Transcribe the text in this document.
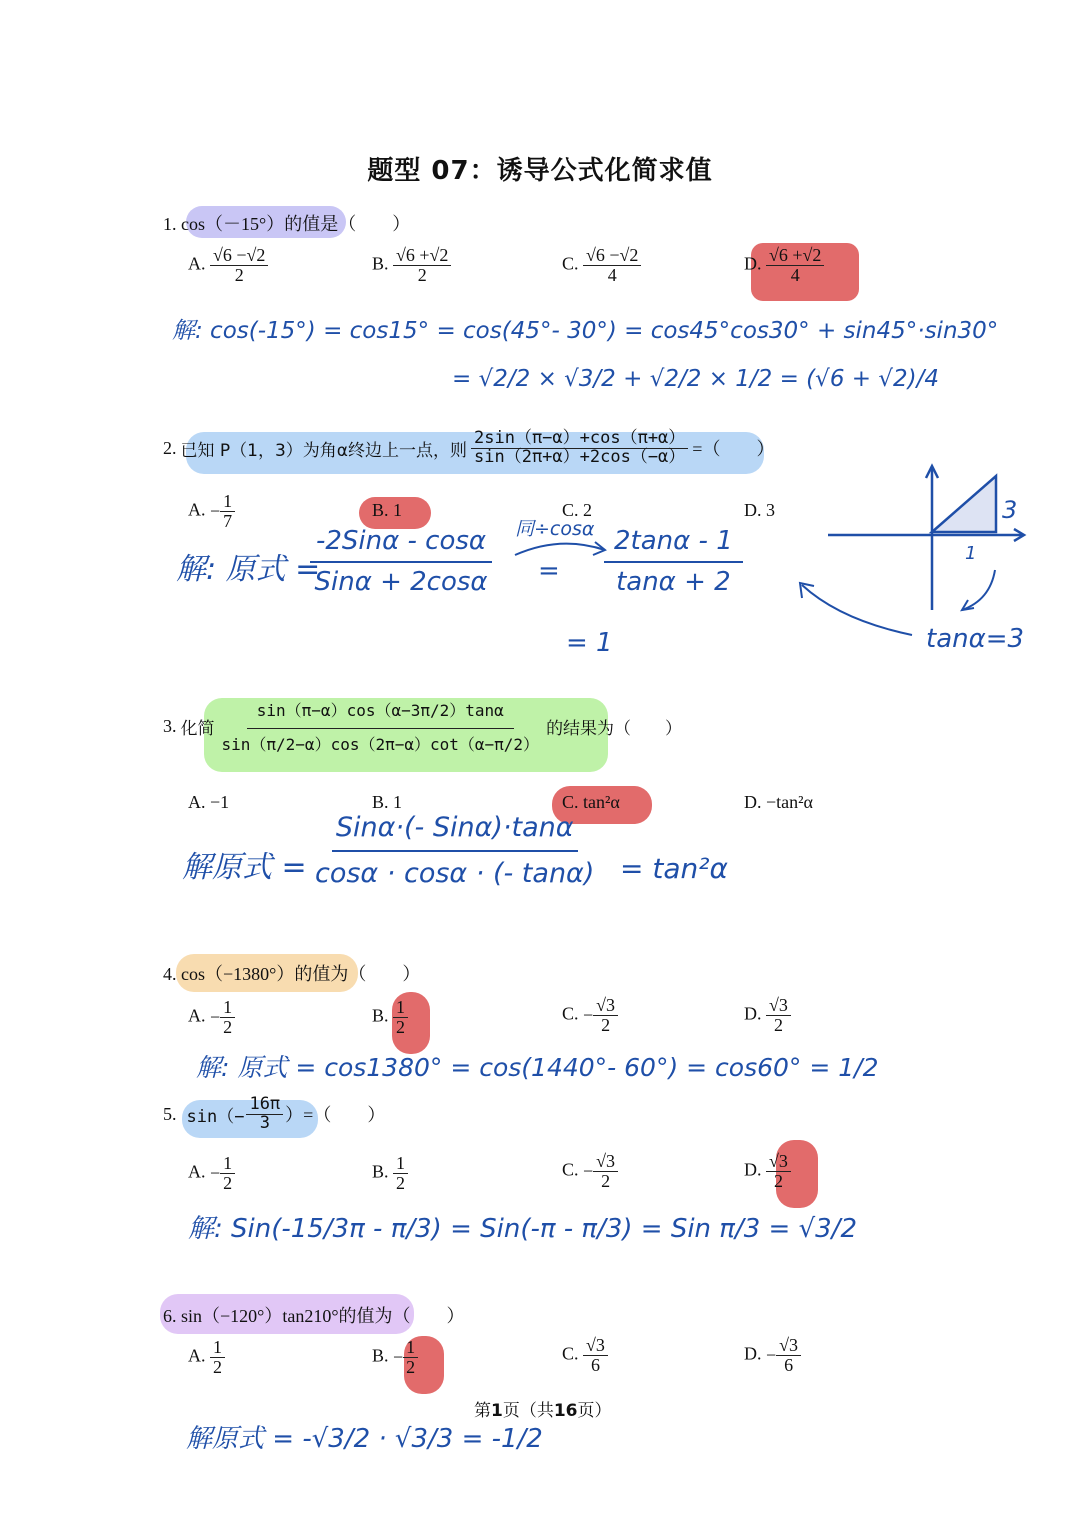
题型 07：诱导公式化简求值
1. cos（－15°）的值是（　　）
A. $\frac{√6 -√2}{2}$	B. $\frac{√6 +√2}{2}$	C. $\frac{√6 -√2}{4}$	D. $\frac{√6 +√2}{4}$
解: cos(-15°) = cos15° = cos(45°- 30°) = cos45°cos30° + sin45°·sin30°
= √2/2 × √3/2 + √2/2 × 1/2 = (√6 + √2)/4
2. 已知 P（1，3）为角α终边上一点，则 $\frac{2\sin(\pi-\alpha)+\cos(\pi+\alpha)}{\sin(2\pi+\alpha)+2\cos(-\alpha)}$ =（　　）
A. − $\frac{1}{7}$	B. 1	C. 2	D. 3
解: 原式 =
$\frac{\text{-2Sinα - cosα}}{\text{Sinα + 2cosα}}$ 同÷cosα
= $\frac{2\tan\alpha - 1}{\tan\alpha + 2}$
= 1
3
1
tanα=3
3. 化简 $\frac{\sin(\pi-\alpha)\cos(\alpha-3\pi/2)\tan\alpha}{\sin(\pi/2-\alpha)\cos(2\pi-\alpha)\cot(\alpha-\pi/2)}$ 的结果为（　　）
A. −1	B. 1	C. tan²α	D. −tan²α
解原式 = $\frac{\text{Sinα·(- Sinα)·tanα}}{\cos\alpha \cdot \cos\alpha \cdot (- \tan\alpha)} = \tan^2\alpha$
4. cos（−1380°）的值为（　　）
A. − $\frac{1}{2}$	B. $\frac{1}{2}$	C. − $\frac{√3}{2}$	D. $\frac{√3}{2}$
解: 原式 = cos1380° = cos(1440°- 60°) = cos60° = 1/2
5. $\sin(- \frac{16\pi}{3}$ ）=（　　）
A. − $\frac{1}{2}$	B. $\frac{1}{2}$	C. − $\frac{√3}{2}$	D. $\frac{√3}{2}$
解: Sin(-15/3π - π/3) = Sin(-π - π/3) = Sin π/3 = √3/2
6. sin（−120°）tan210°的值为（　　）
A. $\frac{1}{2}$	B. − $\frac{1}{2}$	C. $\frac{√3}{6}$	D. − $\frac{√3}{6}$
解原式 = -√3/2 · √3/3 = -1/2
第1页（共16页）
